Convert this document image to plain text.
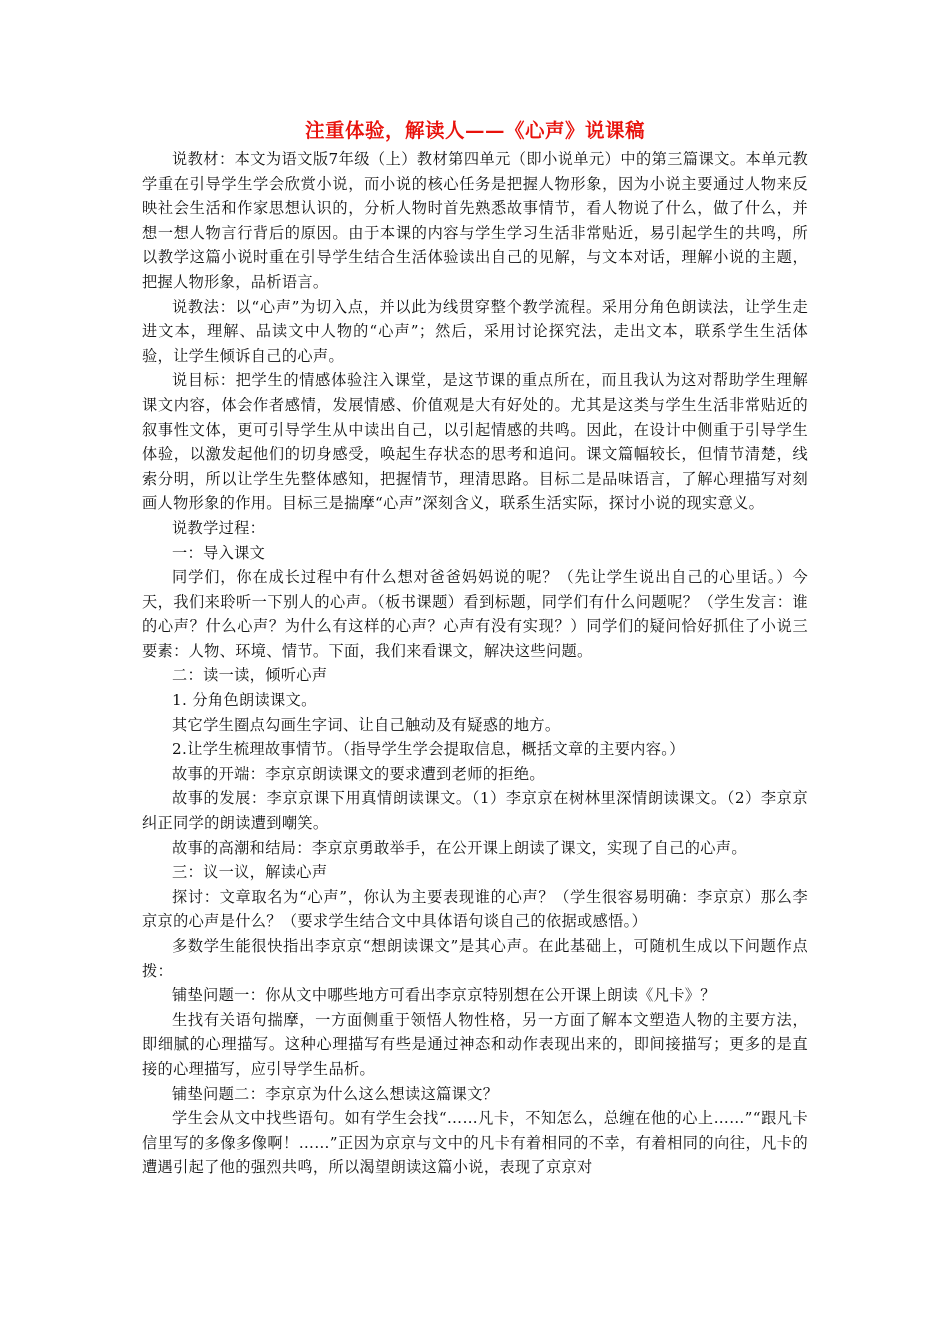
注重体验，解读人——《心声》说课稿

说教材：本文为语文版7年级（上）教材第四单元（即小说单元）中的第三篇课文。本单元教学重在引导学生学会欣赏小说，而小说的核心任务是把握人物形象，因为小说主要通过人物来反映社会生活和作家思想认识的，分析人物时首先熟悉故事情节，看人物说了什么，做了什么，并想一想人物言行背后的原因。由于本课的内容与学生学习生活非常贴近，易引起学生的共鸣，所以教学这篇小说时重在引导学生结合生活体验读出自己的见解，与文本对话，理解小说的主题，把握人物形象，品析语言。

说教法：以“心声”为切入点，并以此为线贯穿整个教学流程。采用分角色朗读法，让学生走进文本，理解、品读文中人物的“心声”；然后，采用讨论探究法，走出文本，联系学生生活体验，让学生倾诉自己的心声。

说目标：把学生的情感体验注入课堂，是这节课的重点所在，而且我认为这对帮助学生理解课文内容，体会作者感情，发展情感、价值观是大有好处的。尤其是这类与学生生活非常贴近的叙事性文体，更可引导学生从中读出自己，以引起情感的共鸣。因此，在设计中侧重于引导学生体验，以激发起他们的切身感受，唤起生存状态的思考和追问。课文篇幅较长，但情节清楚，线索分明，所以让学生先整体感知，把握情节，理清思路。目标二是品味语言，了解心理描写对刻画人物形象的作用。目标三是揣摩“心声”深刻含义，联系生活实际，探讨小说的现实意义。

说教学过程：

一：导入课文

同学们，你在成长过程中有什么想对爸爸妈妈说的呢？（先让学生说出自己的心里话。）今天，我们来聆听一下别人的心声。（板书课题）看到标题，同学们有什么问题呢？（学生发言：谁的心声？什么心声？为什么有这样的心声？心声有没有实现？）同学们的疑问恰好抓住了小说三要素：人物、环境、情节。下面，我们来看课文，解决这些问题。

二：读一读，倾听心声

1. 分角色朗读课文。

其它学生圈点勾画生字词、让自己触动及有疑惑的地方。

2.让学生梳理故事情节。（指导学生学会提取信息，概括文章的主要内容。）

故事的开端：李京京朗读课文的要求遭到老师的拒绝。

故事的发展：李京京课下用真情朗读课文。（1）李京京在树林里深情朗读课文。（2）李京京纠正同学的朗读遭到嘲笑。

故事的高潮和结局：李京京勇敢举手，在公开课上朗读了课文，实现了自己的心声。

三：议一议，解读心声

探讨：文章取名为“心声”，你认为主要表现谁的心声？（学生很容易明确：李京京）那么李京京的心声是什么？（要求学生结合文中具体语句谈自己的依据或感悟。）

多数学生能很快指出李京京“想朗读课文”是其心声。在此基础上，可随机生成以下问题作点拨：

铺垫问题一：你从文中哪些地方可看出李京京特别想在公开课上朗读《凡卡》？

生找有关语句揣摩，一方面侧重于领悟人物性格，另一方面了解本文塑造人物的主要方法，即细腻的心理描写。这种心理描写有些是通过神态和动作表现出来的，即间接描写；更多的是直接的心理描写，应引导学生品析。

铺垫问题二：李京京为什么这么想读这篇课文？

学生会从文中找些语句。如有学生会找“……凡卡，不知怎么，总缠在他的心上……”“跟凡卡信里写的多像多像啊！……”正因为京京与文中的凡卡有着相同的不幸，有着相同的向往，凡卡的遭遇引起了他的强烈共鸣，所以渴望朗读这篇小说，表现了京京对
